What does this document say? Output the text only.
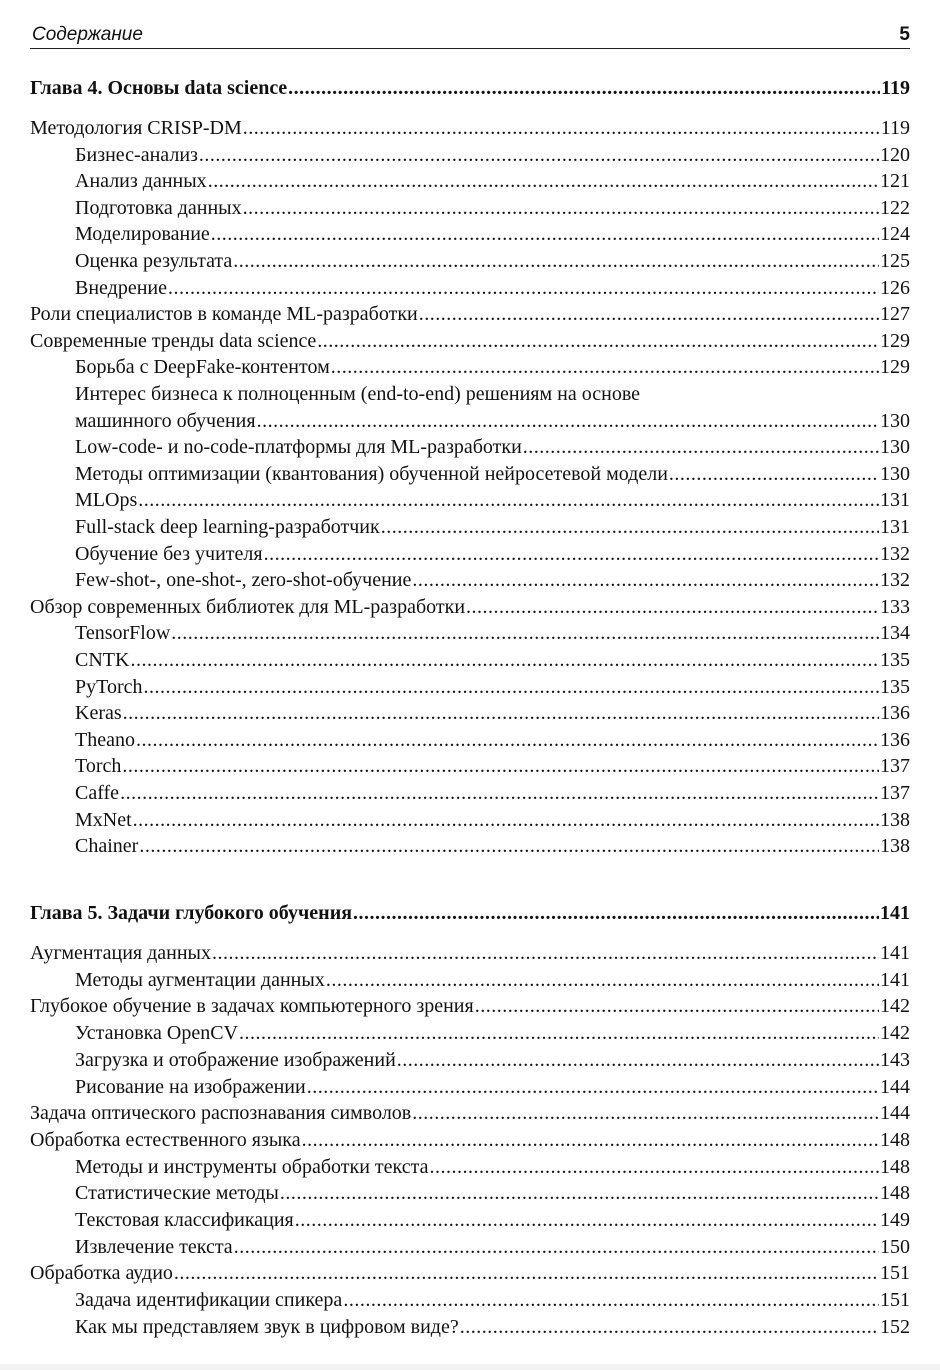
Содержание	5
Глава 4. Основы data science .....	119
Методология CRISP-DM .....	119
Бизнес-анализ .....	120
Анализ данных .....	121
Подготовка данных .....	122
Моделирование .....	124
Оценка результата .....	125
Внедрение .....	126
Роли специалистов в команде ML-разработки .....	127
Современные тренды data science .....	129
Борьба с DeepFake-контентом .....	129
Интерес бизнеса к полноценным (end-to-end) решениям на основе
машинного обучения .....	130
Low-code- и no-code-платформы для ML-разработки .....	130
Методы оптимизации (квантования) обученной нейросетевой модели .....	130
MLOps .....	131
Full-stack deep learning-разработчик .....	131
Обучение без учителя .....	132
Few-shot-, one-shot-, zero-shot-обучение .....	132
Обзор современных библиотек для ML-разработки .....	133
TensorFlow .....	134
CNTK .....	135
PyTorch .....	135
Keras .....	136
Theano .....	136
Torch .....	137
Caffe .....	137
MxNet .....	138
Chainer .....	138
Глава 5. Задачи глубокого обучения .....	141
Аугментация данных .....	141
Методы аугментации данных .....	141
Глубокое обучение в задачах компьютерного зрения .....	142
Установка OpenCV .....	142
Загрузка и отображение изображений .....	143
Рисование на изображении .....	144
Задача оптического распознавания символов .....	144
Обработка естественного языка .....	148
Методы и инструменты обработки текста .....	148
Статистические методы .....	148
Текстовая классификация .....	149
Извлечение текста .....	150
Обработка аудио .....	151
Задача идентификации спикера .....	151
Как мы представляем звук в цифровом виде? .....	152
